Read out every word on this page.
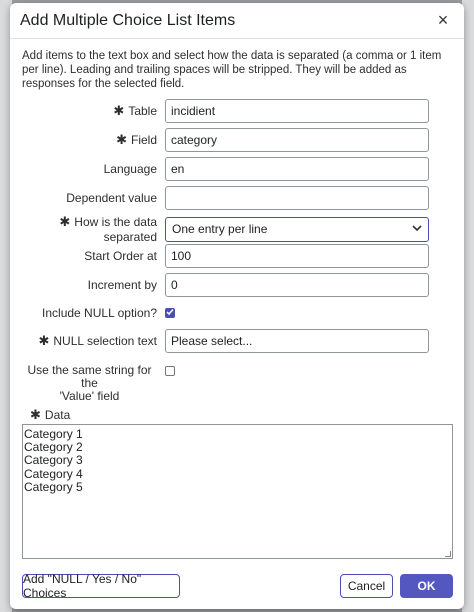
Add Multiple Choice List Items	×
Add items to the text box and select how the data is separated (a comma or 1 item per line). Leading and trailing spaces will be stripped. They will be added as responses for the selected field.
✱ Table	incidient
✱ Field	category
Language	en
Dependent value
✱ How is the data separated
One entry per line
Start Order at	100
Increment by	0
Include NULL option?
✱ NULL selection text	Please select...
Use the same string for the
'Value' field
✱ Data
Category 1
Category 2
Category 3
Category 4
Category 5
Add "NULL / Yes / No" Choices	Cancel	OK
